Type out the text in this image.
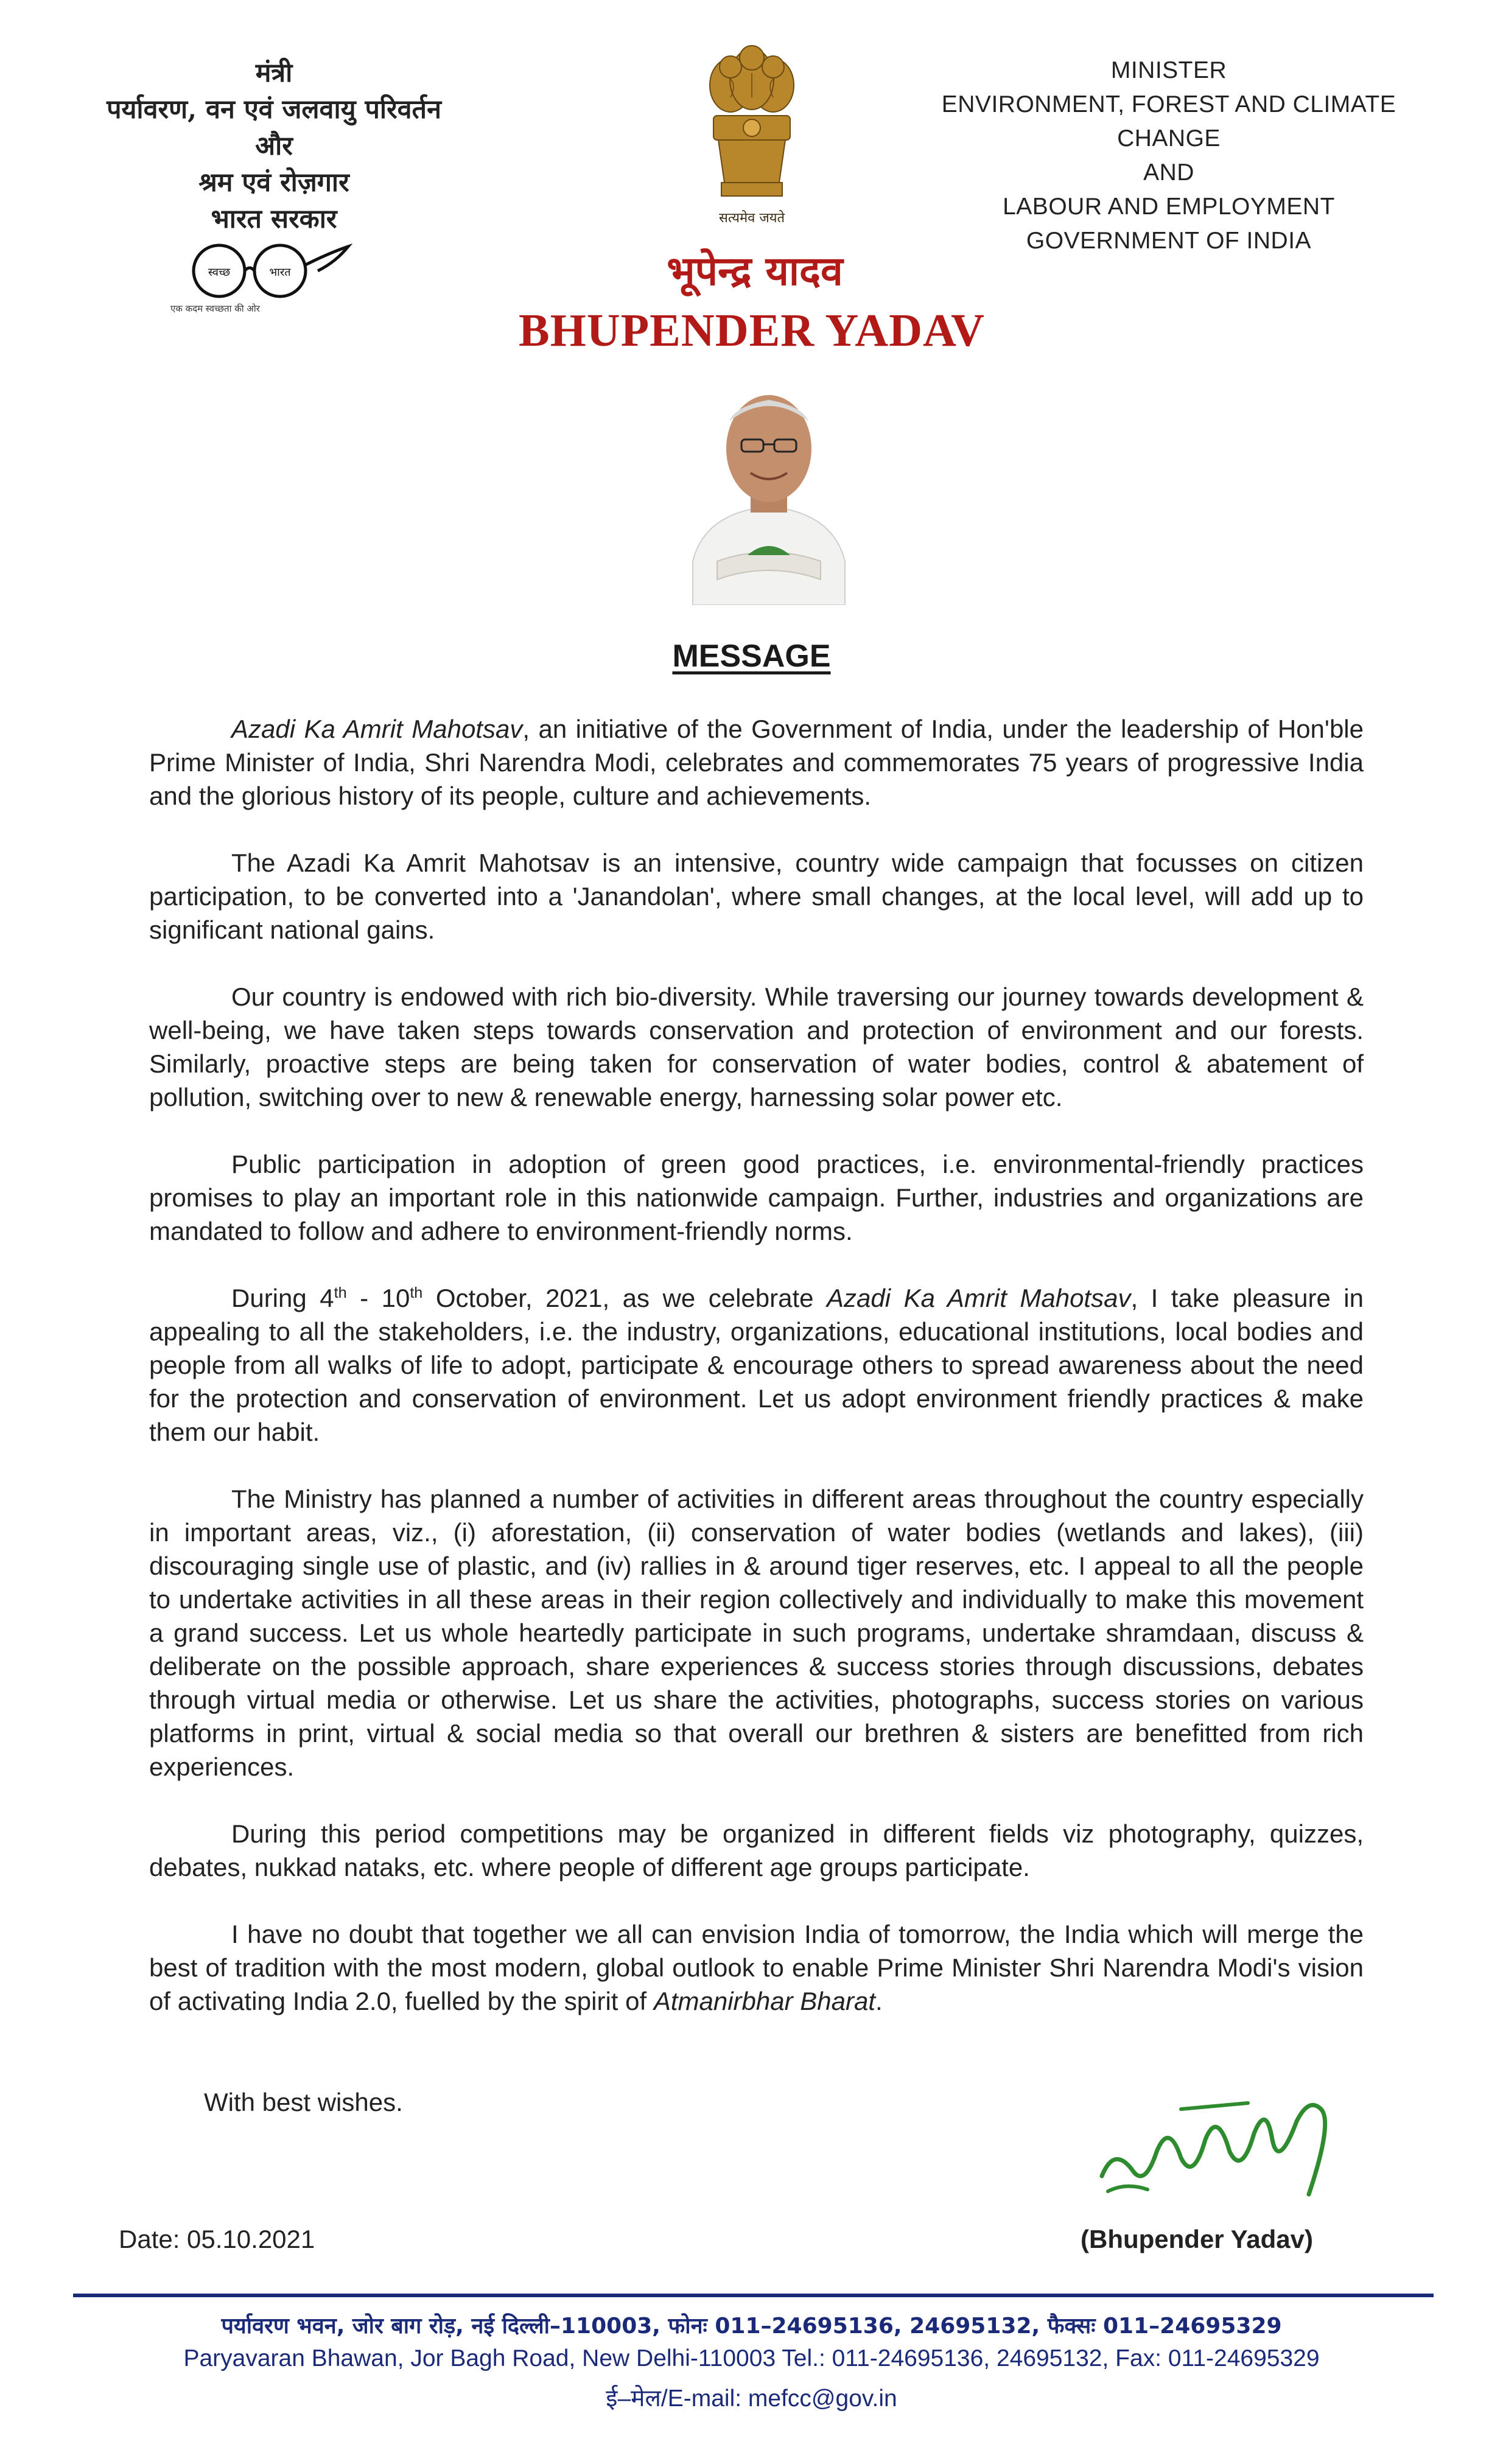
मंत्री
पर्यावरण, वन एवं जलवायु परिवर्तन
और
श्रम एवं रोज़गार
भारत सरकार
MINISTER
ENVIRONMENT, FOREST AND CLIMATE CHANGE
AND
LABOUR AND EMPLOYMENT
GOVERNMENT OF INDIA
सत्यमेव जयते
स्वच्छ	भारत
एक कदम स्वच्छता की ओर
भूपेन्द्र यादव
BHUPENDER YADAV
MESSAGE

Azadi Ka Amrit Mahotsav, an initiative of the Government of India, under the leadership of Hon'ble Prime Minister of India, Shri Narendra Modi, celebrates and commemorates 75 years of progressive India and the glorious history of its people, culture and achievements.

The Azadi Ka Amrit Mahotsav is an intensive, country wide campaign that focusses on citizen participation, to be converted into a 'Janandolan', where small changes, at the local level, will add up to significant national gains.

Our country is endowed with rich bio-diversity. While traversing our journey towards development & well-being, we have taken steps towards conservation and protection of environment and our forests. Similarly, proactive steps are being taken for conservation of water bodies, control & abatement of pollution, switching over to new & renewable energy, harnessing solar power etc.

Public participation in adoption of green good practices, i.e. environmental-friendly practices promises to play an important role in this nationwide campaign. Further, industries and organizations are mandated to follow and adhere to environment-friendly norms.

During 4th - 10th October, 2021, as we celebrate Azadi Ka Amrit Mahotsav, I take pleasure in appealing to all the stakeholders, i.e. the industry, organizations, educational institutions, local bodies and people from all walks of life to adopt, participate & encourage others to spread awareness about the need for the protection and conservation of environment. Let us adopt environment friendly practices & make them our habit.

The Ministry has planned a number of activities in different areas throughout the country especially in important areas, viz., (i) aforestation, (ii) conservation of water bodies (wetlands and lakes), (iii) discouraging single use of plastic, and (iv) rallies in & around tiger reserves, etc. I appeal to all the people to undertake activities in all these areas in their region collectively and individually to make this movement a grand success. Let us whole heartedly participate in such programs, undertake shramdaan, discuss & deliberate on the possible approach, share experiences & success stories through discussions, debates through virtual media or otherwise. Let us share the activities, photographs, success stories on various platforms in print, virtual & social media so that overall our brethren & sisters are benefitted from rich experiences.

During this period competitions may be organized in different fields viz photography, quizzes, debates, nukkad nataks, etc. where people of different age groups participate.

I have no doubt that together we all can envision India of tomorrow, the India which will merge the best of tradition with the most modern, global outlook to enable Prime Minister Shri Narendra Modi's vision of activating India 2.0, fuelled by the spirit of Atmanirbhar Bharat.

With best wishes.
Date: 05.10.2021	(Bhupender Yadav)
पर्यावरण भवन, जोर बाग रोड़, नई दिल्ली–110003, फोनः 011–24695136, 24695132, फैक्सः 011–24695329
Paryavaran Bhawan, Jor Bagh Road, New Delhi-110003 Tel.: 011-24695136, 24695132, Fax: 011-24695329
ई–मेल/E-mail: mefcc@gov.in
